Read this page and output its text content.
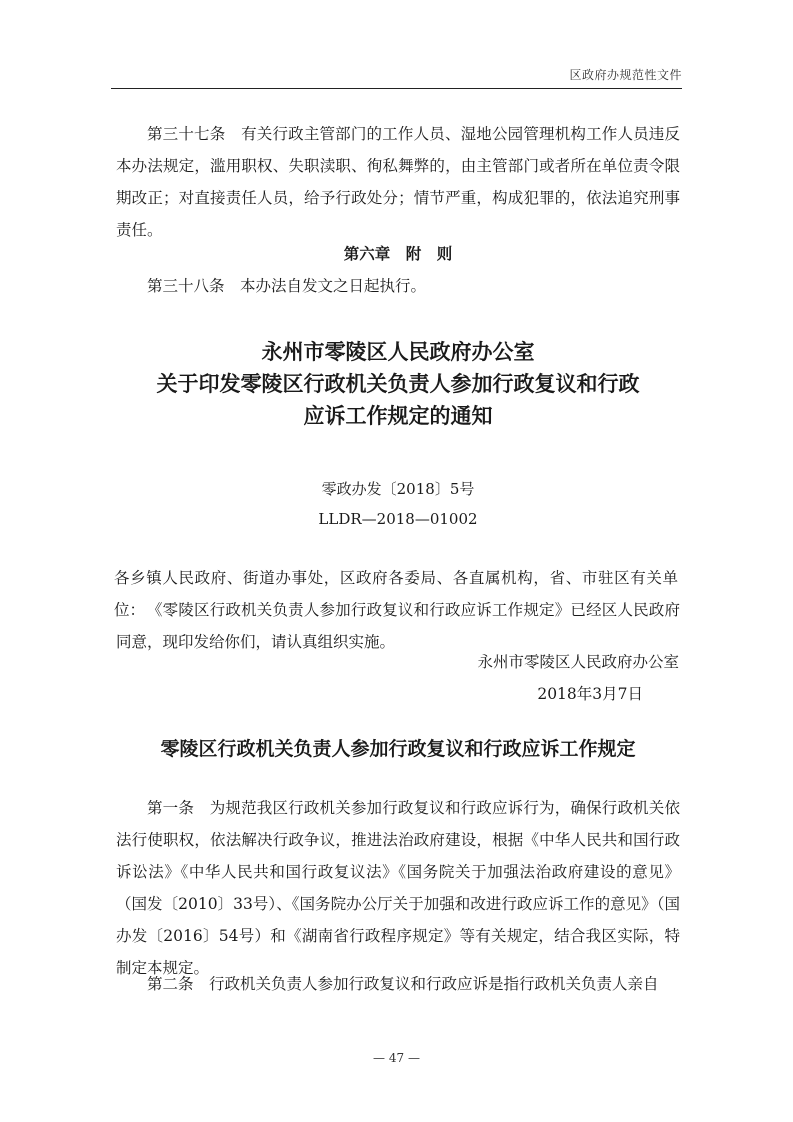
区政府办规范性文件
第三十七条　有关行政主管部门的工作人员、湿地公园管理机构工作人员违反本办法规定，滥用职权、失职渎职、徇私舞弊的，由主管部门或者所在单位责令限期改正；对直接责任人员，给予行政处分；情节严重，构成犯罪的，依法追究刑事责任。
第六章　附　则
第三十八条　本办法自发文之日起执行。
永州市零陵区人民政府办公室
关于印发零陵区行政机关负责人参加行政复议和行政
应诉工作规定的通知
零政办发〔2018〕5号
LLDR—2018—01002
各乡镇人民政府、街道办事处，区政府各委局、各直属机构，省、市驻区有关单位： 《零陵区行政机关负责人参加行政复议和行政应诉工作规定》已经区人民政府同意，现印发给你们，请认真组织实施。
永州市零陵区人民政府办公室
2018年3月7日
零陵区行政机关负责人参加行政复议和行政应诉工作规定
第一条　为规范我区行政机关参加行政复议和行政应诉行为，确保行政机关依法行使职权，依法解决行政争议，推进法治政府建设，根据《中华人民共和国行政诉讼法》《中华人民共和国行政复议法》《国务院关于加强法治政府建设的意见》（国发〔2010〕33号）、《国务院办公厅关于加强和改进行政应诉工作的意见》（国办发〔2016〕54号）和《湖南省行政程序规定》等有关规定，结合我区实际，特制定本规定。
第二条　行政机关负责人参加行政复议和行政应诉是指行政机关负责人亲自
— 47 —
